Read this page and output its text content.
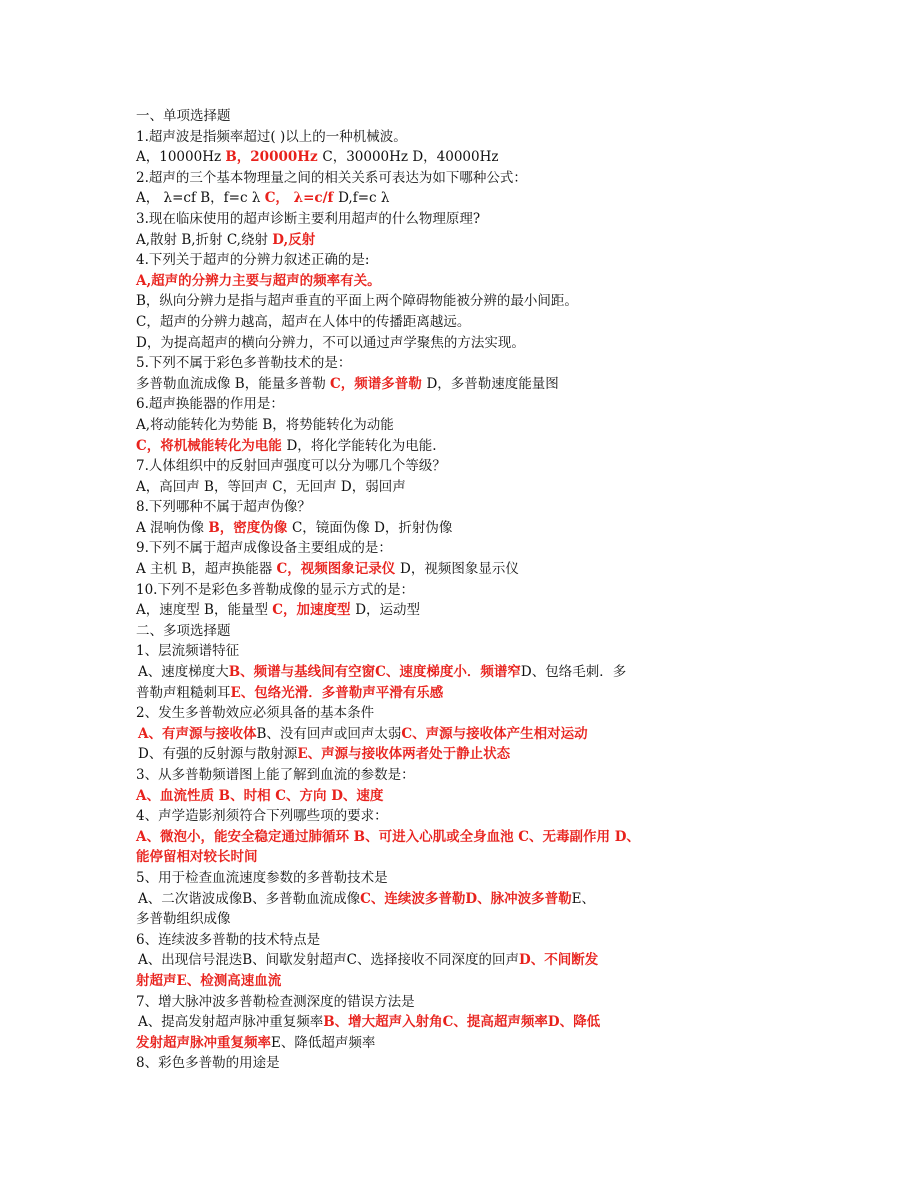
一、单项选择题
1.超声波是指频率超过( )以上的一种机械波。
A，10000Hz B，20000Hz C，30000Hz D，40000Hz
2.超声的三个基本物理量之间的相关关系可表达为如下哪种公式：
A， λ=cf B，f=c λ C， λ=c/f D,f=c λ
3.现在临床使用的超声诊断主要利用超声的什么物理原理?
A,散射 B,折射 C,绕射 D,反射
4.下列关于超声的分辨力叙述正确的是:
A,超声的分辨力主要与超声的频率有关。
B，纵向分辨力是指与超声垂直的平面上两个障碍物能被分辨的最小间距。
C，超声的分辨力越高，超声在人体中的传播距离越远。
D，为提高超声的横向分辨力，不可以通过声学聚焦的方法实现。
5.下列不属于彩色多普勒技术的是：
多普勒血流成像 B，能量多普勒 C，频谱多普勒 D，多普勒速度能量图
6.超声换能器的作用是：
A,将动能转化为势能 B，将势能转化为动能
C，将机械能转化为电能 D，将化学能转化为电能.
7.人体组织中的反射回声强度可以分为哪几个等级？
A，高回声 B，等回声 C，无回声 D，弱回声
8.下列哪种不属于超声伪像？
A 混响伪像 B，密度伪像 C，镜面伪像 D，折射伪像
9.下列不属于超声成像设备主要组成的是：
A 主机 B，超声换能器 C，视频图象记录仪 D，视频图象显示仪
10.下列不是彩色多普勒成像的显示方式的是：
A，速度型 B，能量型 C，加速度型 D，运动型
二、多项选择题
1、层流频谱特征
A、速度梯度大B、频谱与基线间有空窗C、速度梯度小．频谱窄D、包络毛刺．多
普勒声粗糙刺耳E、包络光滑．多普勒声平滑有乐感
2、发生多普勒效应必须具备的基本条件
A、有声源与接收体B、没有回声或回声太弱C、声源与接收体产生相对运动
D、有强的反射源与散射源E、声源与接收体两者处于静止状态
3、从多普勒频谱图上能了解到血流的参数是：
A、血流性质 B、时相 C、方向 D、速度
4、声学造影剂须符合下列哪些项的要求：
A、微泡小，能安全稳定通过肺循环 B、可进入心肌或全身血池 C、无毒副作用 D、
能停留相对较长时间
5、用于检查血流速度参数的多普勒技术是
A、二次谐波成像B、多普勒血流成像C、连续波多普勒D、脉冲波多普勒E、
多普勒组织成像
6、连续波多普勒的技术特点是
A、出现信号混迭B、间歇发射超声C、选择接收不同深度的回声D、不间断发
射超声E、检测高速血流
7、增大脉冲波多普勒检查测深度的错误方法是
A、提高发射超声脉冲重复频率B、增大超声入射角C、提高超声频率D、降低
发射超声脉冲重复频率E、降低超声频率
8、彩色多普勒的用途是
